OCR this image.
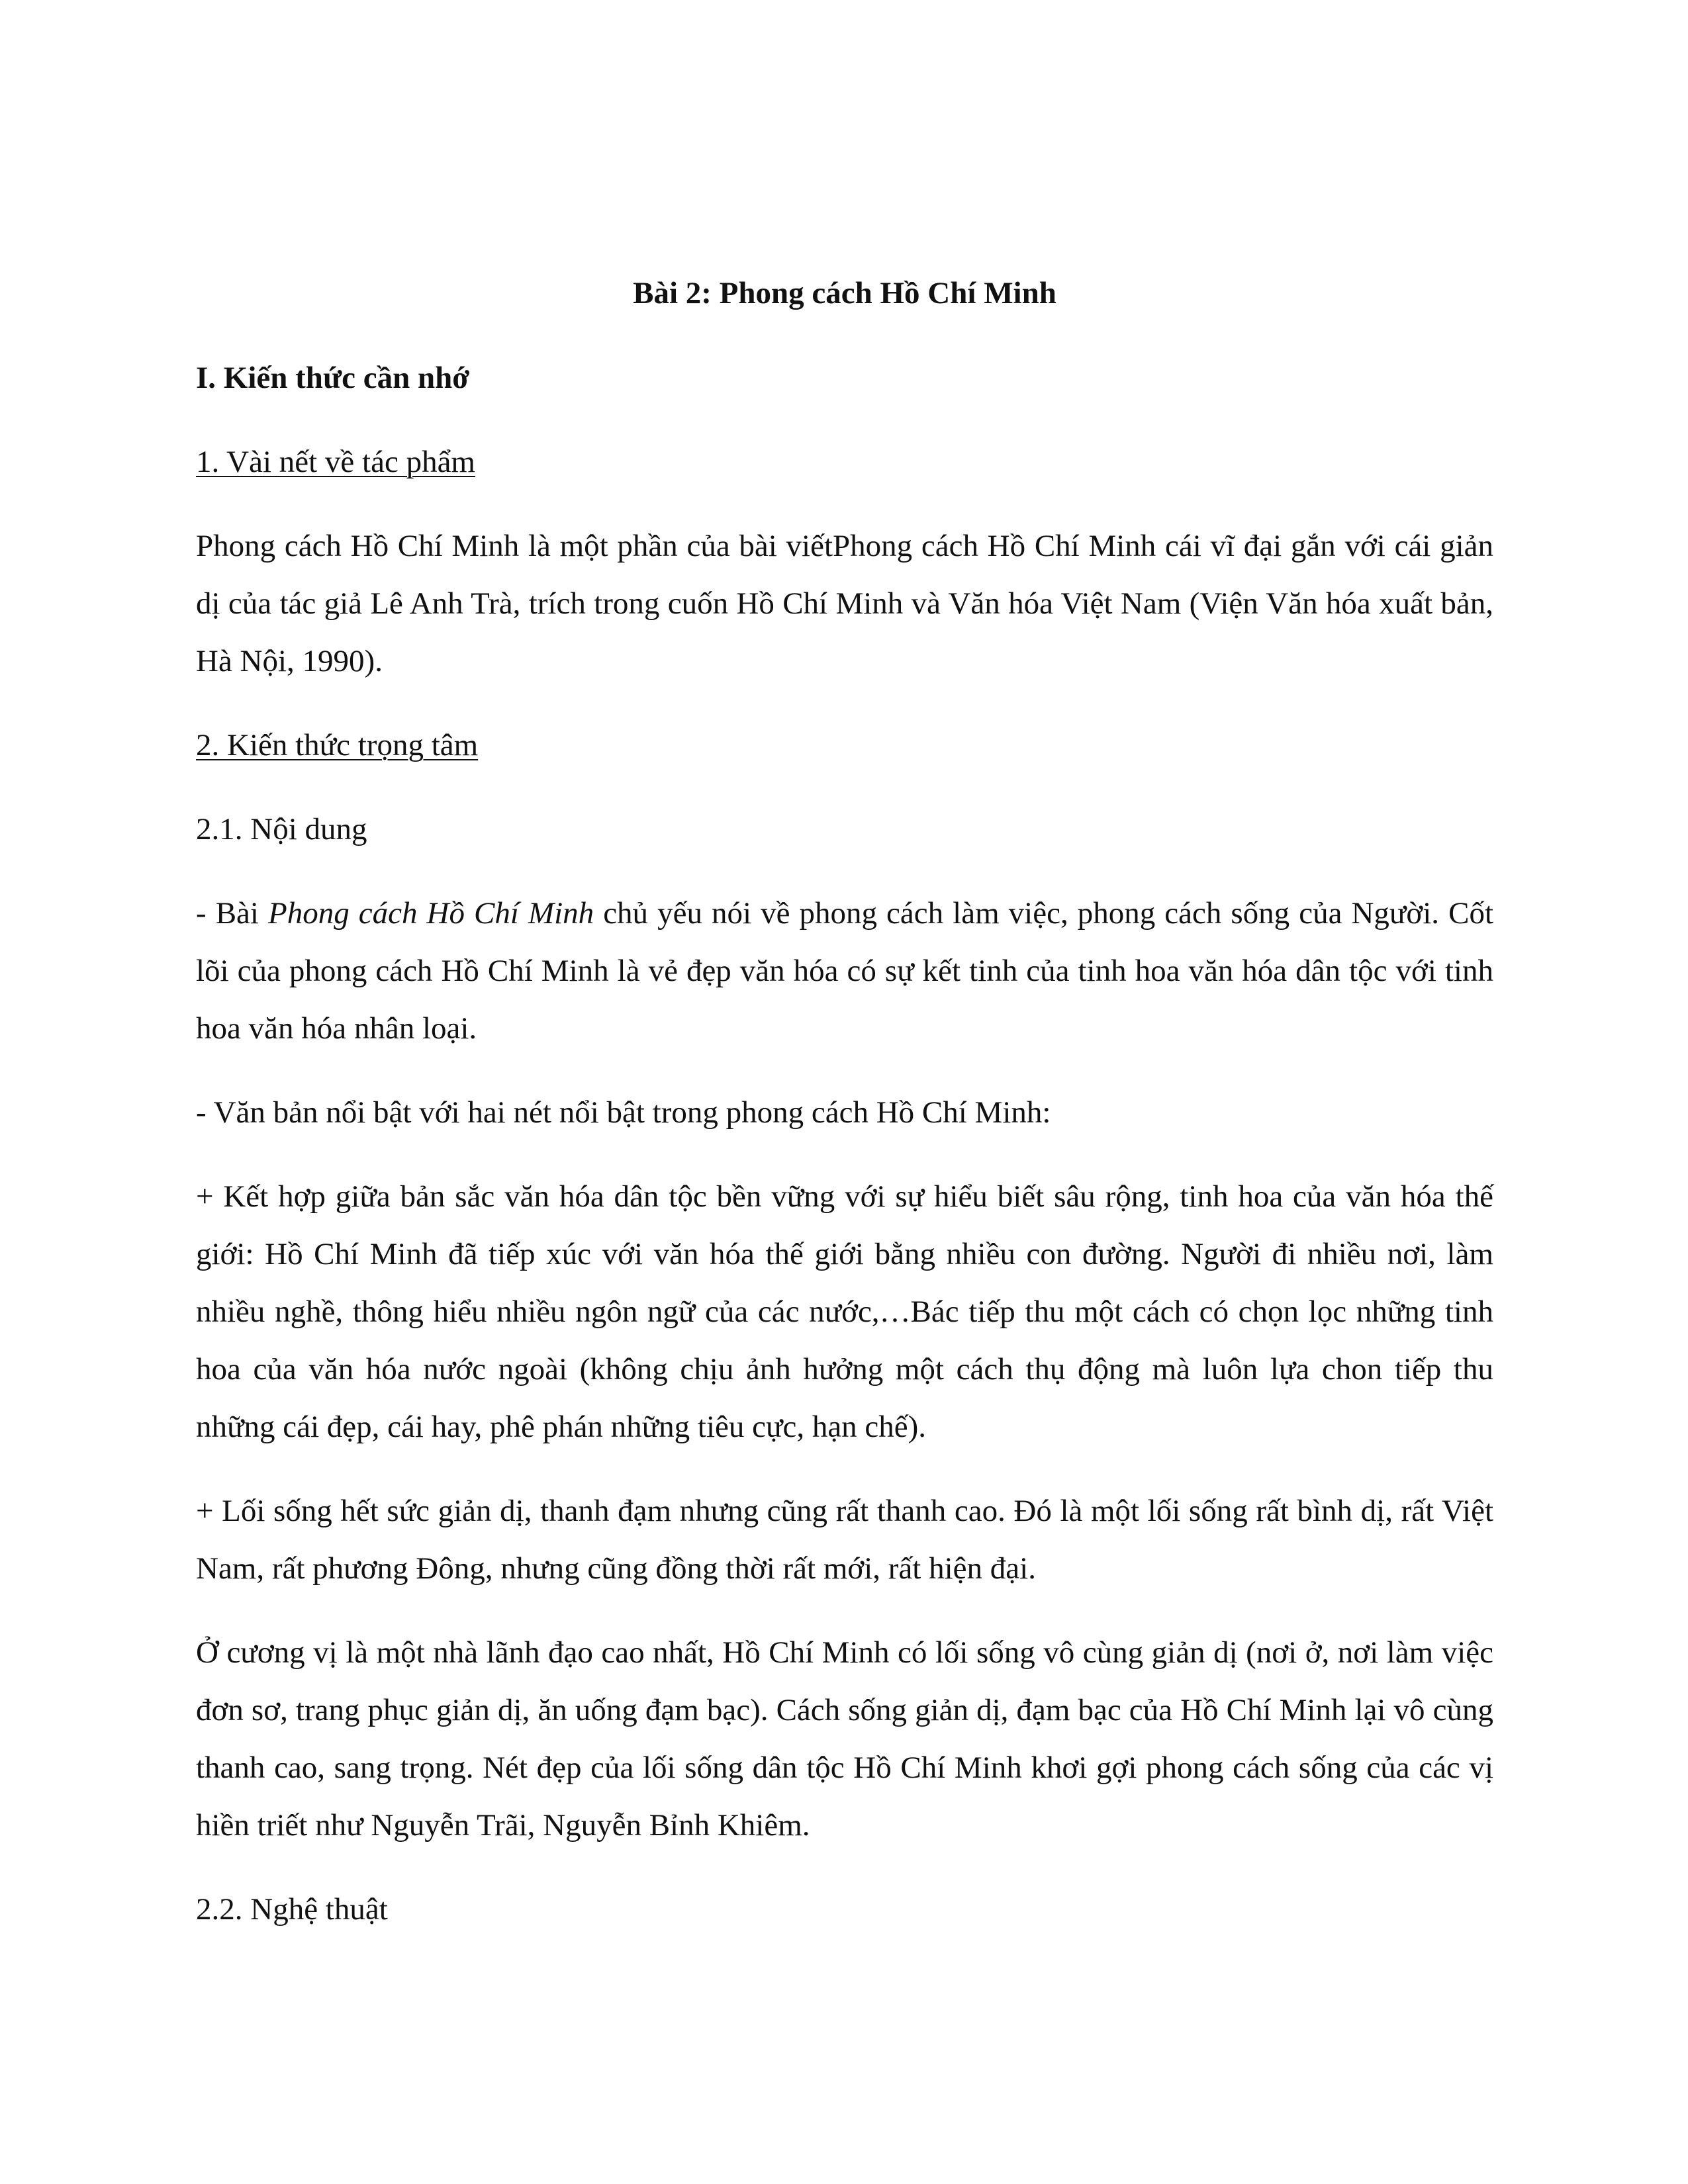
Bài 2: Phong cách Hồ Chí Minh
I. Kiến thức cần nhớ
1. Vài nết về tác phẩm

Phong cách Hồ Chí Minh là một phần của bài viếtPhong cách Hồ Chí Minh cái vĩ đại gắn với cái giản dị của tác giả Lê Anh Trà, trích trong cuốn Hồ Chí Minh và Văn hóa Việt Nam (Viện Văn hóa xuất bản, Hà Nội, 1990).

2. Kiến thức trọng tâm
2.1. Nội dung

- Bài Phong cách Hồ Chí Minh chủ yếu nói về phong cách làm việc, phong cách sống của Người. Cốt lõi của phong cách Hồ Chí Minh là vẻ đẹp văn hóa có sự kết tinh của tinh hoa văn hóa dân tộc với tinh hoa văn hóa nhân loại.

- Văn bản nổi bật với hai nét nổi bật trong phong cách Hồ Chí Minh:

+ Kết hợp giữa bản sắc văn hóa dân tộc bền vững với sự hiểu biết sâu rộng, tinh hoa của văn hóa thế giới: Hồ Chí Minh đã tiếp xúc với văn hóa thế giới bằng nhiều con đường. Người đi nhiều nơi, làm nhiều nghề, thông hiểu nhiều ngôn ngữ của các nước,…Bác tiếp thu một cách có chọn lọc những tinh hoa của văn hóa nước ngoài (không chịu ảnh hưởng một cách thụ động mà luôn lựa chon tiếp thu những cái đẹp, cái hay, phê phán những tiêu cực, hạn chế).

+ Lối sống hết sức giản dị, thanh đạm nhưng cũng rất thanh cao. Đó là một lối sống rất bình dị, rất Việt Nam, rất phương Đông, nhưng cũng đồng thời rất mới, rất hiện đại.

Ở cương vị là một nhà lãnh đạo cao nhất, Hồ Chí Minh có lối sống vô cùng giản dị (nơi ở, nơi làm việc đơn sơ, trang phục giản dị, ăn uống đạm bạc). Cách sống giản dị, đạm bạc của Hồ Chí Minh lại vô cùng thanh cao, sang trọng. Nét đẹp của lối sống dân tộc Hồ Chí Minh khơi gợi phong cách sống của các vị hiền triết như Nguyễn Trãi, Nguyễn Bỉnh Khiêm.

2.2. Nghệ thuật
